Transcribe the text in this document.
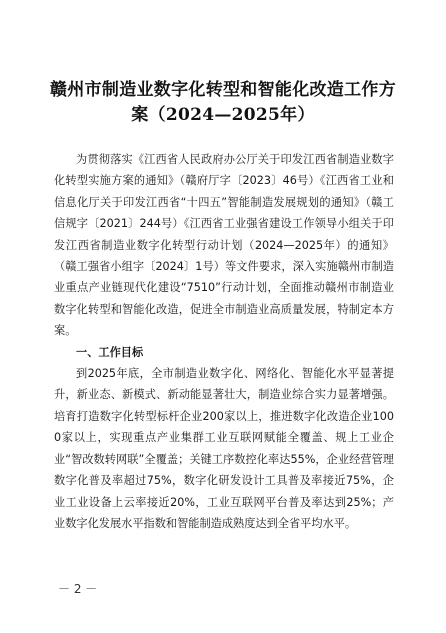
赣州市制造业数字化转型和智能化改造工作方
案（2024—2025年）

为贯彻落实《江西省人民政府办公厅关于印发江西省制造业数字化转型实施方案的通知》（赣府厅字〔2023〕46号）《江西省工业和信息化厅关于印发江西省“十四五”智能制造发展规划的通知》（赣工信规字〔2021〕244号）《江西省工业强省建设工作领导小组关于印发江西省制造业数字化转型行动计划（2024—2025年）的通知》（赣工强省小组字〔2024〕1号）等文件要求，深入实施赣州市制造业重点产业链现代化建设“7510”行动计划，全面推动赣州市制造业数字化转型和智能化改造，促进全市制造业高质量发展，特制定本方案。

一、工作目标

到2025年底，全市制造业数字化、网络化、智能化水平显著提升，新业态、新模式、新动能显著壮大，制造业综合实力显著增强。培育打造数字化转型标杆企业200家以上，推进数字化改造企业1000家以上，实现重点产业集群工业互联网赋能全覆盖、规上工业企业“智改数转网联”全覆盖；关键工序数控化率达55%，企业经营管理数字化普及率超过75%，数字化研发设计工具普及率接近75%，企业工业设备上云率接近20%，工业互联网平台普及率达到25%；产业数字化发展水平指数和智能制造成熟度达到全省平均水平。

－ 2 －
